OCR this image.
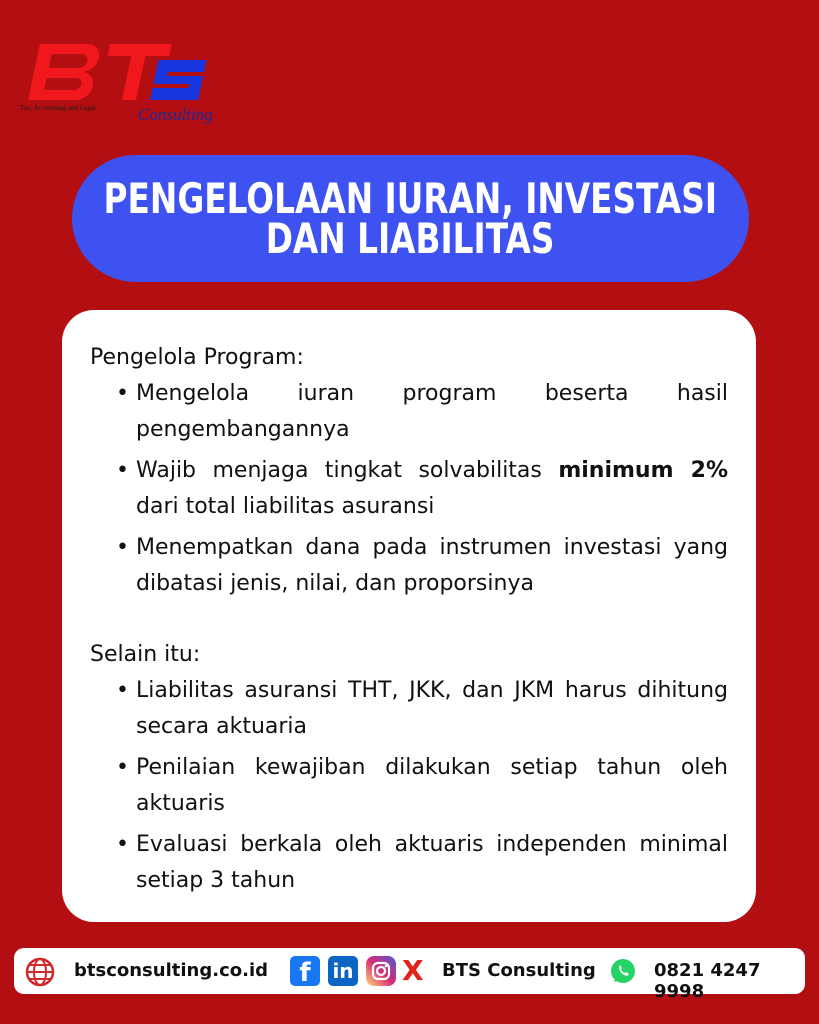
Tax, Accounting and Legal Consulting
PENGELOLAAN IURAN, INVESTASI
DAN LIABILITAS
Pengelola Program:
• Mengelola iuran program beserta hasil pengembangannya
• Wajib menjaga tingkat solvabilitas minimum 2% dari total liabilitas asuransi
• Menempatkan dana pada instrumen investasi yang dibatasi jenis, nilai, dan proporsinya
Selain itu:
• Liabilitas asuransi THT, JKK, dan JKM harus dihitung secara aktuaria
• Penilaian kewajiban dilakukan setiap tahun oleh aktuaris
• Evaluasi berkala oleh aktuaris independen minimal setiap 3 tahun
btsconsulting.co.id	f	in X BTS Consulting	0821 4247 9998
